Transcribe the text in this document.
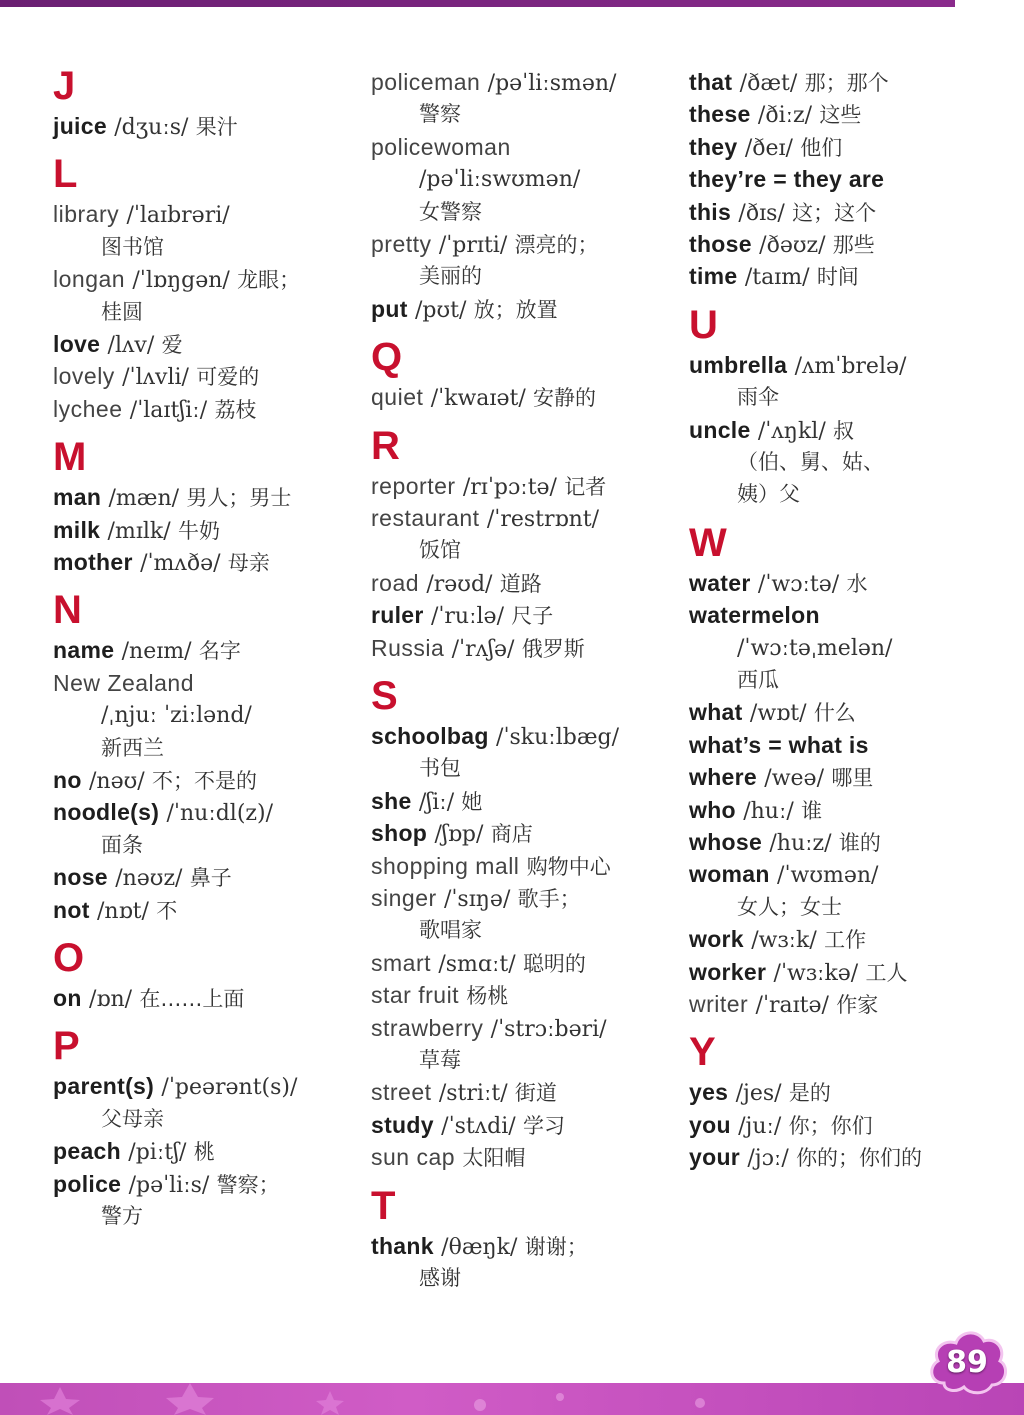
J
juice /dʒuːs/ 果汁
L
library /ˈlaɪbrəri/
图书馆
longan /ˈlɒŋgən/ 龙眼；
桂圆
love /lʌv/ 爱
lovely /ˈlʌvli/ 可爱的
lychee /ˈlaɪtʃiː/ 荔枝
M
man /mæn/ 男人；男士
milk /mɪlk/ 牛奶
mother /ˈmʌðə/ 母亲
N
name /neɪm/ 名字
New Zealand
/ˌnjuː ˈziːlənd/
新西兰
no /nəʊ/ 不；不是的
noodle(s) /ˈnuːdl(z)/
面条
nose /nəʊz/ 鼻子
not /nɒt/ 不
O
on /ɒn/ 在……上面
P
parent(s) /ˈpeərənt(s)/
父母亲
peach /piːtʃ/ 桃
police /pəˈliːs/ 警察；
警方
policeman /pəˈliːsmən/
警察
policewoman
/pəˈliːswʊmən/
女警察
pretty /ˈprɪti/ 漂亮的；
美丽的
put /pʊt/ 放；放置
Q
quiet /ˈkwaɪət/ 安静的
R
reporter /rɪˈpɔːtə/ 记者
restaurant /ˈrestrɒnt/
饭馆
road /rəʊd/ 道路
ruler /ˈruːlə/ 尺子
Russia /ˈrʌʃə/ 俄罗斯
S
schoolbag /ˈskuːlbæg/
书包
she /ʃiː/ 她
shop /ʃɒp/ 商店
shopping mall 购物中心
singer /ˈsɪŋə/ 歌手；
歌唱家
smart /smɑːt/ 聪明的
star fruit 杨桃
strawberry /ˈstrɔːbəri/
草莓
street /striːt/ 街道
study /ˈstʌdi/ 学习
sun cap 太阳帽
T
thank /θæŋk/ 谢谢；
感谢
that /ðæt/ 那；那个
these /ðiːz/ 这些
they /ðeɪ/ 他们
they’re = they are
this /ðɪs/ 这；这个
those /ðəʊz/ 那些
time /taɪm/ 时间
U
umbrella /ʌmˈbrelə/
雨伞
uncle /ˈʌŋkl/ 叔
（伯、舅、姑、
姨）父
W
water /ˈwɔːtə/ 水
watermelon
/ˈwɔːtəˌmelən/
西瓜
what /wɒt/ 什么
what’s = what is
where /weə/ 哪里
who /huː/ 谁
whose /huːz/ 谁的
woman /ˈwʊmən/
女人；女士
work /wɜːk/ 工作
worker /ˈwɜːkə/ 工人
writer /ˈraɪtə/ 作家
Y
yes /jes/ 是的
you /juː/ 你；你们
your /jɔː/ 你的；你们的
89
